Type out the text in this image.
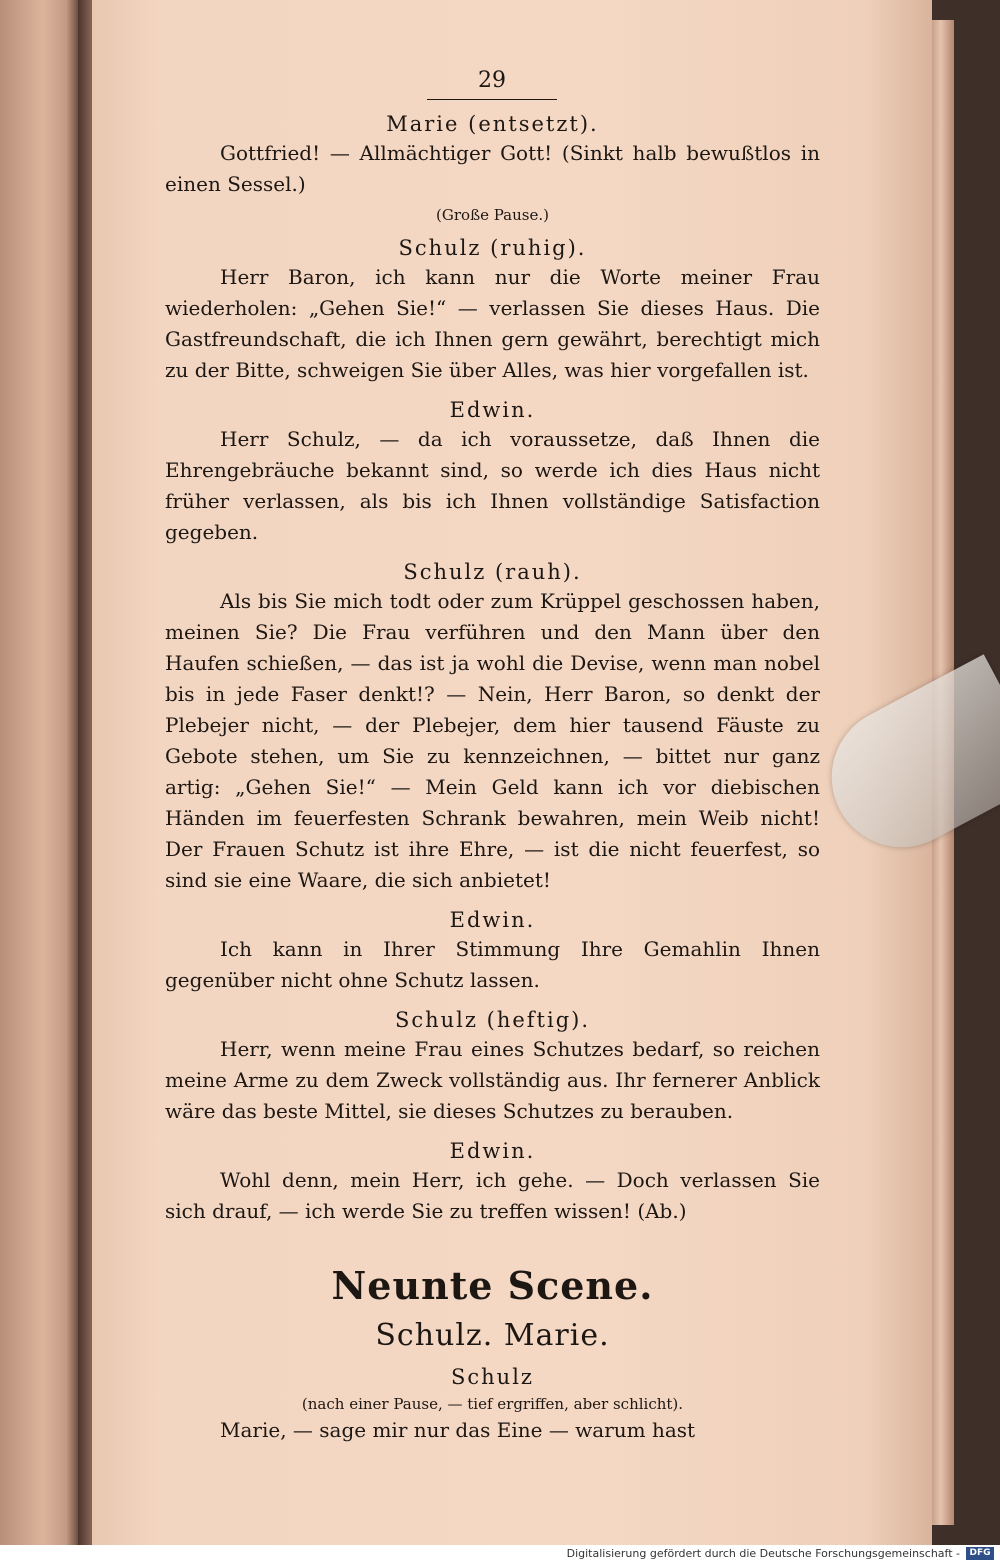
29
Marie (entsetzt).
Gottfried! — Allmächtiger Gott! (Sinkt halb bewußtlos in einen Sessel.)
(Große Pause.)
Schulz (ruhig).
Herr Baron, ich kann nur die Worte meiner Frau wiederholen: „Gehen Sie!“ — verlassen Sie dieses Haus. Die Gastfreundschaft, die ich Ihnen gern gewährt, berechtigt mich zu der Bitte, schweigen Sie über Alles, was hier vorgefallen ist.
Edwin.
Herr Schulz, — da ich voraussetze, daß Ihnen die Ehrengebräuche bekannt sind, so werde ich dies Haus nicht früher verlassen, als bis ich Ihnen vollständige Satisfaction gegeben.
Schulz (rauh).
Als bis Sie mich todt oder zum Krüppel geschossen haben, meinen Sie? Die Frau verführen und den Mann über den Haufen schießen, — das ist ja wohl die Devise, wenn man nobel bis in jede Faser denkt!? — Nein, Herr Baron, so denkt der Plebejer nicht, — der Plebejer, dem hier tausend Fäuste zu Gebote stehen, um Sie zu kennzeichnen, — bittet nur ganz artig: „Gehen Sie!“ — Mein Geld kann ich vor diebischen Händen im feuerfesten Schrank bewahren, mein Weib nicht! Der Frauen Schutz ist ihre Ehre, — ist die nicht feuerfest, so sind sie eine Waare, die sich anbietet!
Edwin.
Ich kann in Ihrer Stimmung Ihre Gemahlin Ihnen gegenüber nicht ohne Schutz lassen.
Schulz (heftig).
Herr, wenn meine Frau eines Schutzes bedarf, so reichen meine Arme zu dem Zweck vollständig aus. Ihr fernerer Anblick wäre das beste Mittel, sie dieses Schutzes zu berauben.
Edwin.
Wohl denn, mein Herr, ich gehe. — Doch verlassen Sie sich drauf, — ich werde Sie zu treffen wissen! (Ab.)
Neunte Scene.
Schulz. Marie.
Schulz
(nach einer Pause, — tief ergriffen, aber schlicht).
Marie, — sage mir nur das Eine — warum hast
Digitalisierung gefördert durch die Deutsche Forschungsgemeinschaft -	DFG
